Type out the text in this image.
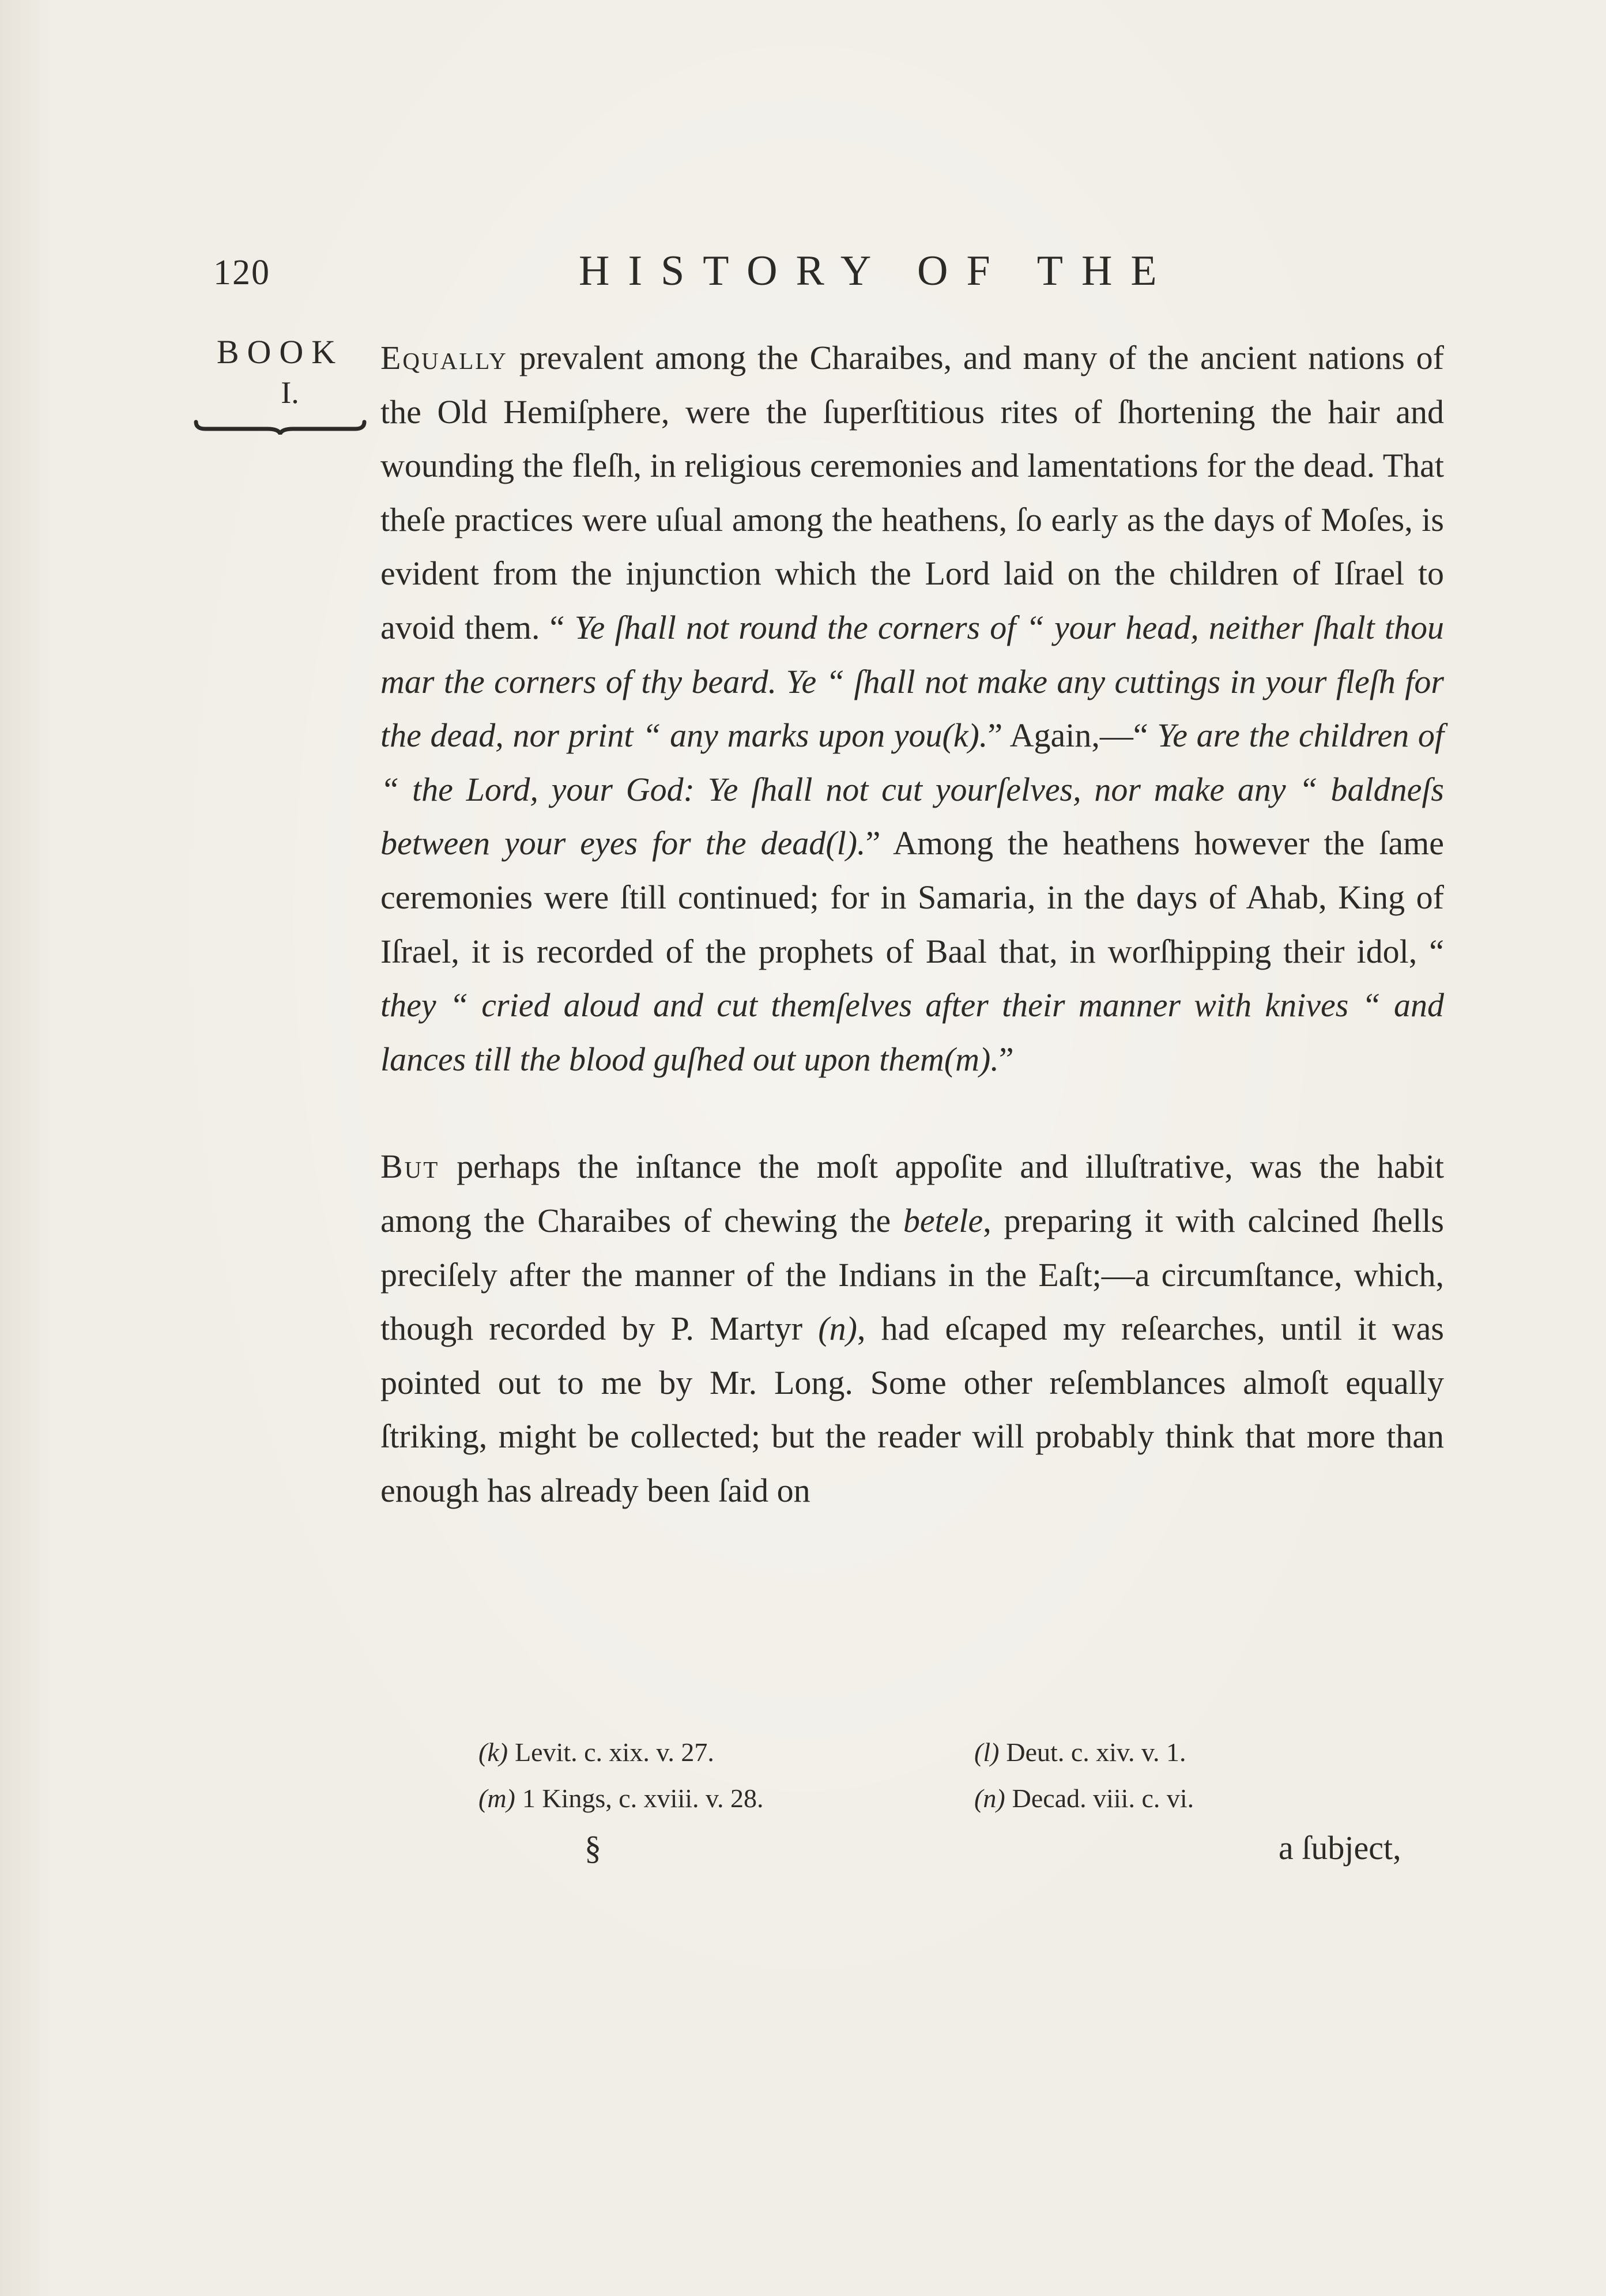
120	HISTORY OF THE
BOOK
I.

Equally prevalent among the Charaibes, and many of the ancient nations of the Old Hemiſphere, were the ſuperſtitious rites of ſhortening the hair and wounding the fleſh, in religious ceremonies and lamentations for the dead. That theſe practices were uſual among the heathens, ſo early as the days of Moſes, is evident from the injunction which the Lord laid on the children of Iſrael to avoid them. “ Ye ſhall not round the corners of “ your head, neither ſhalt thou mar the corners of thy beard. Ye “ ſhall not make any cuttings in your fleſh for the dead, nor print “ any marks upon you(k).” Again,—“ Ye are the children of “ the Lord, your God: Ye ſhall not cut yourſelves, nor make any “ baldneſs between your eyes for the dead(l).” Among the heathens however the ſame ceremonies were ſtill continued; for in Samaria, in the days of Ahab, King of Iſrael, it is recorded of the prophets of Baal that, in worſhipping their idol, “ they “ cried aloud and cut themſelves after their manner with knives “ and lances till the blood guſhed out upon them(m).”

But perhaps the inſtance the moſt appoſite and illuſtrative, was the habit among the Charaibes of chewing the betele, preparing it with calcined ſhells preciſely after the manner of the Indians in the Eaſt;—a circumſtance, which, though recorded by P. Martyr (n), had eſcaped my reſearches, until it was pointed out to me by Mr. Long. Some other reſemblances almoſt equally ſtriking, might be collected; but the reader will probably think that more than enough has already been ſaid on

(k) Levit. c. xix. v. 27.	(l) Deut. c. xiv. v. 1.
(m) 1 Kings, c. xviii. v. 28.	(n) Decad. viii. c. vi.
§	a ſubject,
